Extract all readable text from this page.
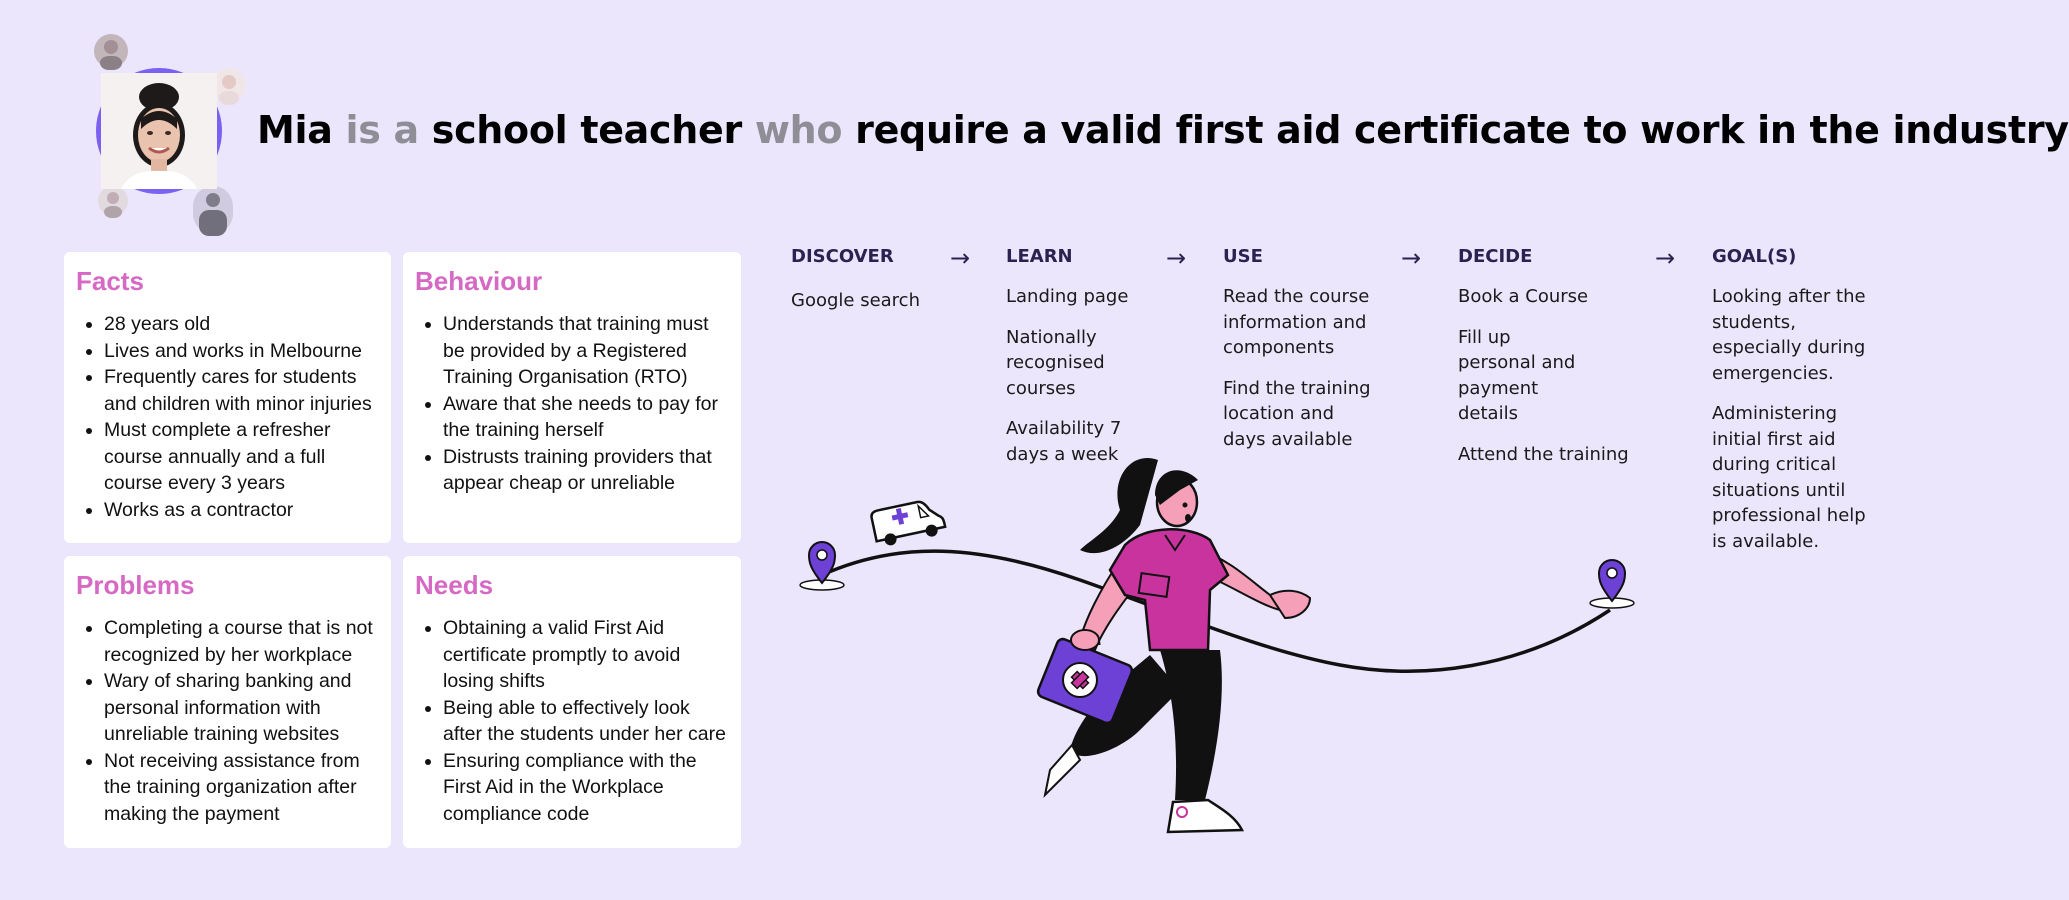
Mia is a school teacher who require a valid first aid certificate to work in the industry
Facts
• 28 years old
• Lives and works in Melbourne
• Frequently cares for students and children with minor injuries
• Must complete a refresher course annually and a full course every 3 years
• Works as a contractor
Behaviour
• Understands that training must be provided by a Registered Training Organisation (RTO)
• Aware that she needs to pay for the training herself
• Distrusts training providers that appear cheap or unreliable
Problems
• Completing a course that is not recognized by her workplace
• Wary of sharing banking and personal information with unreliable training websites
• Not receiving assistance from the training organization after making the payment
Needs
• Obtaining a valid First Aid certificate promptly to avoid losing shifts
• Being able to effectively look after the students under her care
• Ensuring compliance with the First Aid in the Workplace compliance code
DISCOVER →

Google search

LEARN	→

Landing page

Nationally recognised courses

Availability 7 days a week

USE	→

Read the course information and components

Find the training location and days available

DECIDE	→

Book a Course

Fill up personal and payment details

Attend the training

GOAL(S)

Looking after the students, especially during emergencies.

Administering initial first aid during critical situations until professional help is available.
